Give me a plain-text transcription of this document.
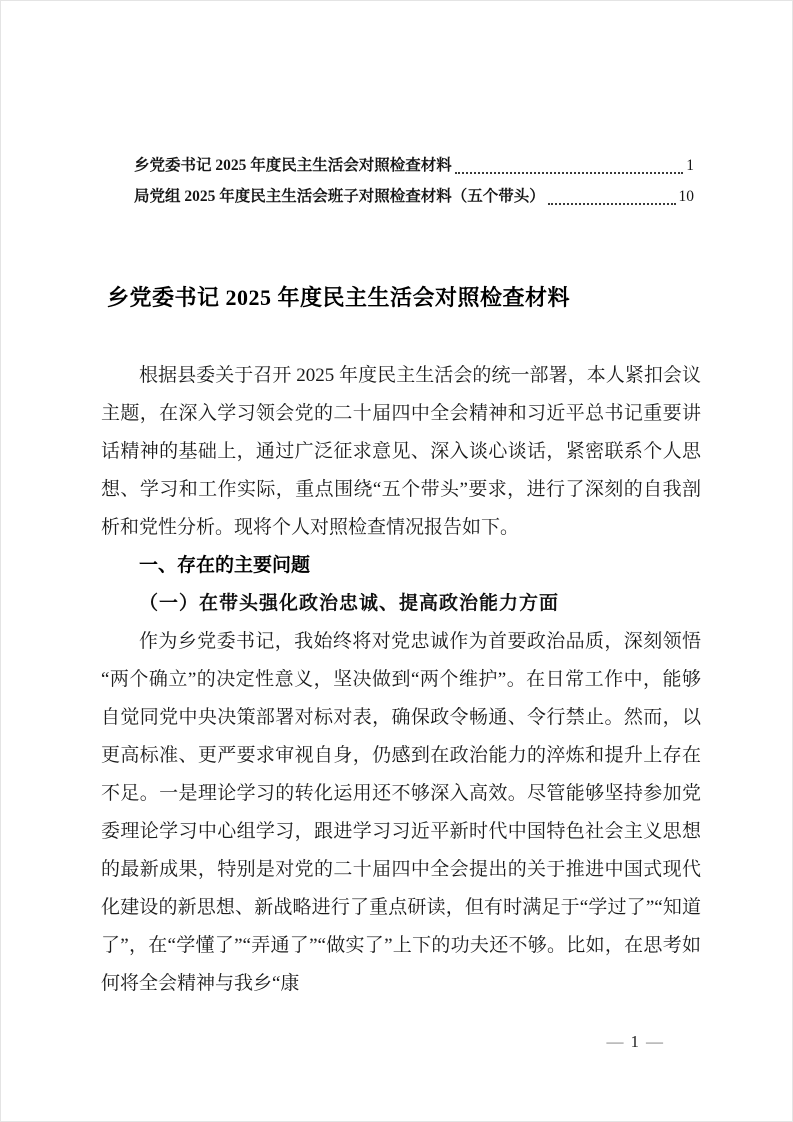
乡党委书记 2025 年度民主生活会对照检查材料	1
局党组 2025 年度民主生活会班子对照检查材料（五个带头）	10
乡党委书记 2025 年度民主生活会对照检查材料

根据县委关于召开 2025 年度民主生活会的统一部署，本人紧扣会议主题，在深入学习领会党的二十届四中全会精神和习近平总书记重要讲话精神的基础上，通过广泛征求意见、深入谈心谈话，紧密联系个人思想、学习和工作实际，重点围绕“五个带头”要求，进行了深刻的自我剖析和党性分析。现将个人对照检查情况报告如下。

一、存在的主要问题
（一）在带头强化政治忠诚、提高政治能力方面

作为乡党委书记，我始终将对党忠诚作为首要政治品质，深刻领悟“两个确立”的决定性意义，坚决做到“两个维护”。在日常工作中，能够自觉同党中央决策部署对标对表，确保政令畅通、令行禁止。然而，以更高标准、更严要求审视自身，仍感到在政治能力的淬炼和提升上存在不足。一是理论学习的转化运用还不够深入高效。尽管能够坚持参加党委理论学习中心组学习，跟进学习习近平新时代中国特色社会主义思想的最新成果，特别是对党的二十届四中全会提出的关于推进中国式现代化建设的新思想、新战略进行了重点研读，但有时满足于“学过了”“知道了”，在“学懂了”“弄通了”“做实了”上下的功夫还不够。比如，在思考如何将全会精神与我乡“康

— 1 —
